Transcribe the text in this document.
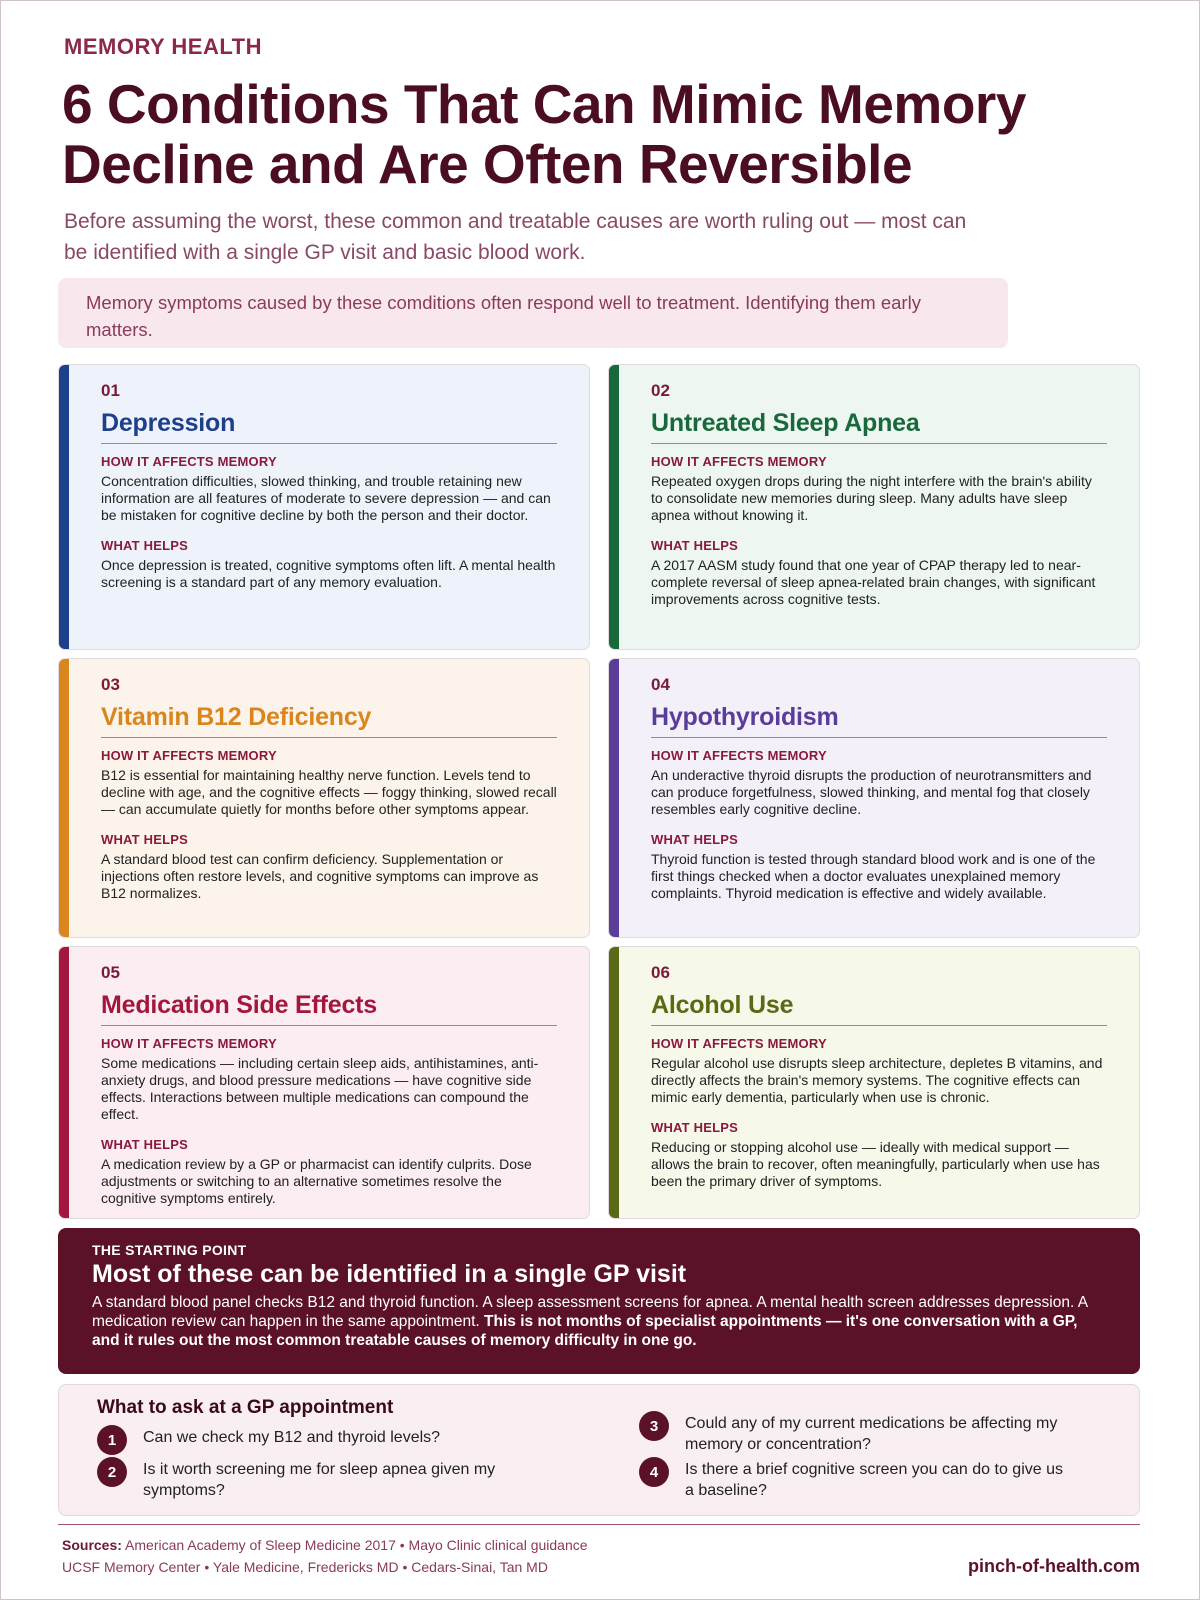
MEMORY HEALTH
6 Conditions That Can Mimic Memory Decline and Are Often Reversible

Before assuming the worst, these common and treatable causes are worth ruling out — most can be identified with a single GP visit and basic blood work.

Memory symptoms caused by these comditions often respond well to treatment. Identifying them early matters.
01
Depression
HOW IT AFFECTS MEMORY
Concentration difficulties, slowed thinking, and trouble retaining new information are all features of moderate to severe depression — and can be mistaken for cognitive decline by both the person and their doctor.
WHAT HELPS
Once depression is treated, cognitive symptoms often lift. A mental health screening is a standard part of any memory evaluation.
02
Untreated Sleep Apnea
HOW IT AFFECTS MEMORY
Repeated oxygen drops during the night interfere with the brain's ability to consolidate new memories during sleep. Many adults have sleep apnea without knowing it.
WHAT HELPS
A 2017 AASM study found that one year of CPAP therapy led to near-complete reversal of sleep apnea-related brain changes, with significant improvements across cognitive tests.
03
Vitamin B12 Deficiency
HOW IT AFFECTS MEMORY
B12 is essential for maintaining healthy nerve function. Levels tend to decline with age, and the cognitive effects — foggy thinking, slowed recall — can accumulate quietly for months before other symptoms appear.
WHAT HELPS
A standard blood test can confirm deficiency. Supplementation or injections often restore levels, and cognitive symptoms can improve as B12 normalizes.
04
Hypothyroidism
HOW IT AFFECTS MEMORY
An underactive thyroid disrupts the production of neurotransmitters and can produce forgetfulness, slowed thinking, and mental fog that closely resembles early cognitive decline.
WHAT HELPS
Thyroid function is tested through standard blood work and is one of the first things checked when a doctor evaluates unexplained memory complaints. Thyroid medication is effective and widely available.
05
Medication Side Effects
HOW IT AFFECTS MEMORY
Some medications — including certain sleep aids, antihistamines, anti-anxiety drugs, and blood pressure medications — have cognitive side effects. Interactions between multiple medications can compound the effect.
WHAT HELPS
A medication review by a GP or pharmacist can identify culprits. Dose adjustments or switching to an alternative sometimes resolve the cognitive symptoms entirely.
06
Alcohol Use
HOW IT AFFECTS MEMORY
Regular alcohol use disrupts sleep architecture, depletes B vitamins, and directly affects the brain's memory systems. The cognitive effects can mimic early dementia, particularly when use is chronic.
WHAT HELPS
Reducing or stopping alcohol use — ideally with medical support — allows the brain to recover, often meaningfully, particularly when use has been the primary driver of symptoms.
THE STARTING POINT
Most of these can be identified in a single GP visit
A standard blood panel checks B12 and thyroid function. A sleep assessment screens for apnea. A mental health screen addresses depression. A medication review can happen in the same appointment. This is not months of specialist appointments — it's one conversation with a GP, and it rules out the most common treatable causes of memory difficulty in one go.
What to ask at a GP appointment
1	Can we check my B12 and thyroid levels?
2	Is it worth screening me for sleep apnea given my symptoms?
3	Could any of my current medications be affecting my memory or concentration?
4	Is there a brief cognitive screen you can do to give us a baseline?
Sources: American Academy of Sleep Medicine 2017 • Mayo Clinic clinical guidance
UCSF Memory Center • Yale Medicine, Fredericks MD • Cedars-Sinai, Tan MD	pinch-of-health.com
